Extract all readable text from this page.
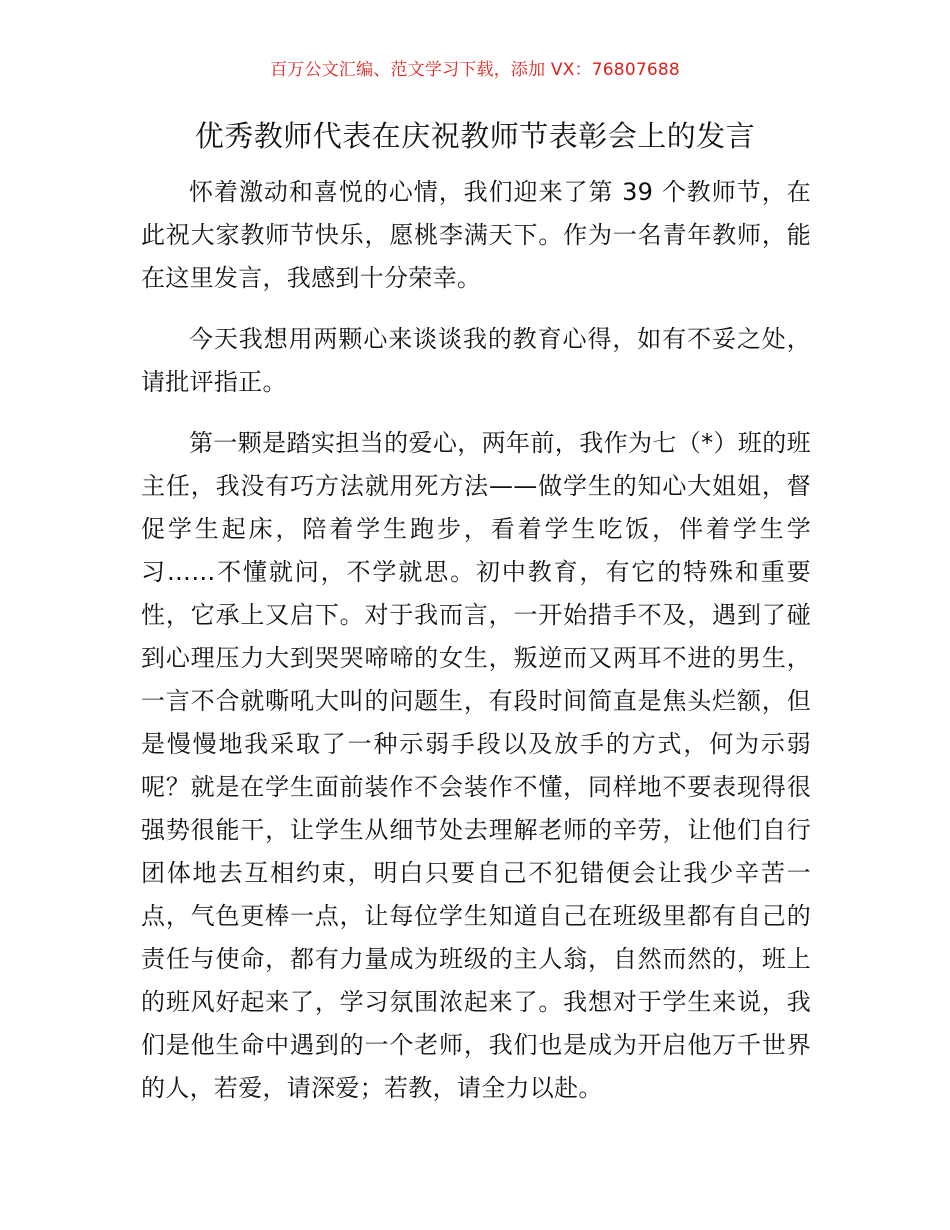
百万公文汇编、范文学习下载，添加 VX：76807688
优秀教师代表在庆祝教师节表彰会上的发言

怀着激动和喜悦的心情，我们迎来了第 39 个教师节，在此祝大家教师节快乐，愿桃李满天下。作为一名青年教师，能在这里发言，我感到十分荣幸。

今天我想用两颗心来谈谈我的教育心得，如有不妥之处，请批评指正。

第一颗是踏实担当的爱心，两年前，我作为七（*）班的班主任，我没有巧方法就用死方法——做学生的知心大姐姐，督促学生起床，陪着学生跑步，看着学生吃饭，伴着学生学习……不懂就问，不学就思。初中教育，有它的特殊和重要性，它承上又启下。对于我而言，一开始措手不及，遇到了碰到心理压力大到哭哭啼啼的女生，叛逆而又两耳不进的男生，一言不合就嘶吼大叫的问题生，有段时间简直是焦头烂额，但是慢慢地我采取了一种示弱手段以及放手的方式，何为示弱呢？就是在学生面前装作不会装作不懂，同样地不要表现得很强势很能干，让学生从细节处去理解老师的辛劳，让他们自行团体地去互相约束，明白只要自己不犯错便会让我少辛苦一点，气色更棒一点，让每位学生知道自己在班级里都有自己的责任与使命，都有力量成为班级的主人翁，自然而然的，班上的班风好起来了，学习氛围浓起来了。我想对于学生来说，我们是他生命中遇到的一个老师，我们也是成为开启他万千世界的人，若爱，请深爱；若教，请全力以赴。
